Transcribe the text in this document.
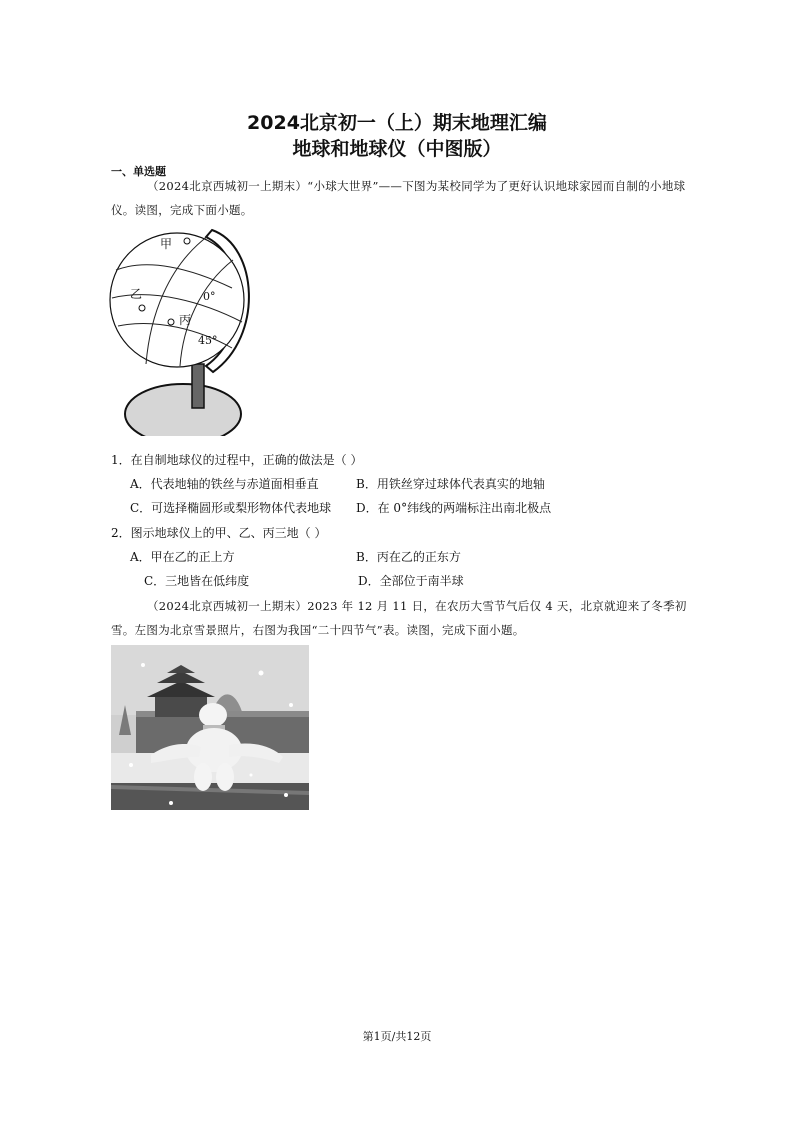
2024北京初一（上）期末地理汇编
地球和地球仪（中图版）
一、单选题
（2024北京西城初一上期末）“小球大世界”——下图为某校同学为了更好认识地球家园而自制的小地球仪。读图，完成下面小题。
甲
乙
丙
0°
45°
1．在自制地球仪的过程中，正确的做法是（ ）
A．代表地轴的铁丝与赤道面相垂直	B．用铁丝穿过球体代表真实的地轴
C．可选择椭圆形或梨形物体代表地球 D．在 0°纬线的两端标注出南北极点
2．图示地球仪上的甲、乙、丙三地（ ）
A．甲在乙的正上方	B．丙在乙的正东方
C．三地皆在低纬度	D．全部位于南半球
（2024北京西城初一上期末）2023 年 12 月 11 日，在农历大雪节气后仅 4 天，北京就迎来了冬季初雪。左图为北京雪景照片，右图为我国“二十四节气”表。读图，完成下面小题。
第1页/共12页
